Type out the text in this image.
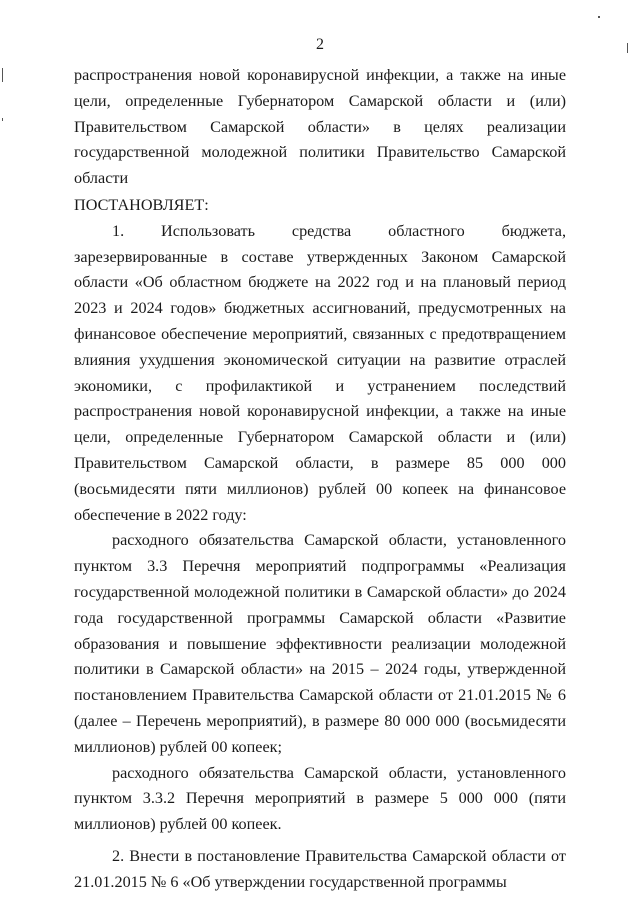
2

распространения новой коронавирусной инфекции, а также на иные цели, определенные Губернатором Самарской области и (или) Правительством Самарской области» в целях реализации государственной молодежной политики Правительство Самарской области

ПОСТАНОВЛЯЕТ:

1. Использовать средства областного бюджета, зарезервированные в составе утвержденных Законом Самарской области «Об областном бюджете на 2022 год и на плановый период 2023 и 2024 годов» бюджетных ассигнований, предусмотренных на финансовое обеспечение мероприятий, связанных с предотвращением влияния ухудшения экономической ситуации на развитие отраслей экономики, с профилактикой и устранением последствий распространения новой коронавирусной инфекции, а также на иные цели, определенные Губернатором Самарской области и (или) Правительством Самарской области, в размере 85 000 000 (восьмидесяти пяти миллионов) рублей 00 копеек на финансовое обеспечение в 2022 году:

расходного обязательства Самарской области, установленного пунктом 3.3 Перечня мероприятий подпрограммы «Реализация государственной молодежной политики в Самарской области» до 2024 года государственной программы Самарской области «Развитие образования и повышение эффективности реализации молодежной политики в Самарской области» на 2015 – 2024 годы, утвержденной постановлением Правительства Самарской области от 21.01.2015 № 6 (далее – Перечень мероприятий), в размере 80 000 000 (восьмидесяти миллионов) рублей 00 копеек;

расходного обязательства Самарской области, установленного пунктом 3.3.2 Перечня мероприятий в размере 5 000 000 (пяти миллионов) рублей 00 копеек.

2. Внести в постановление Правительства Самарской области от 21.01.2015 № 6 «Об утверждении государственной программы
